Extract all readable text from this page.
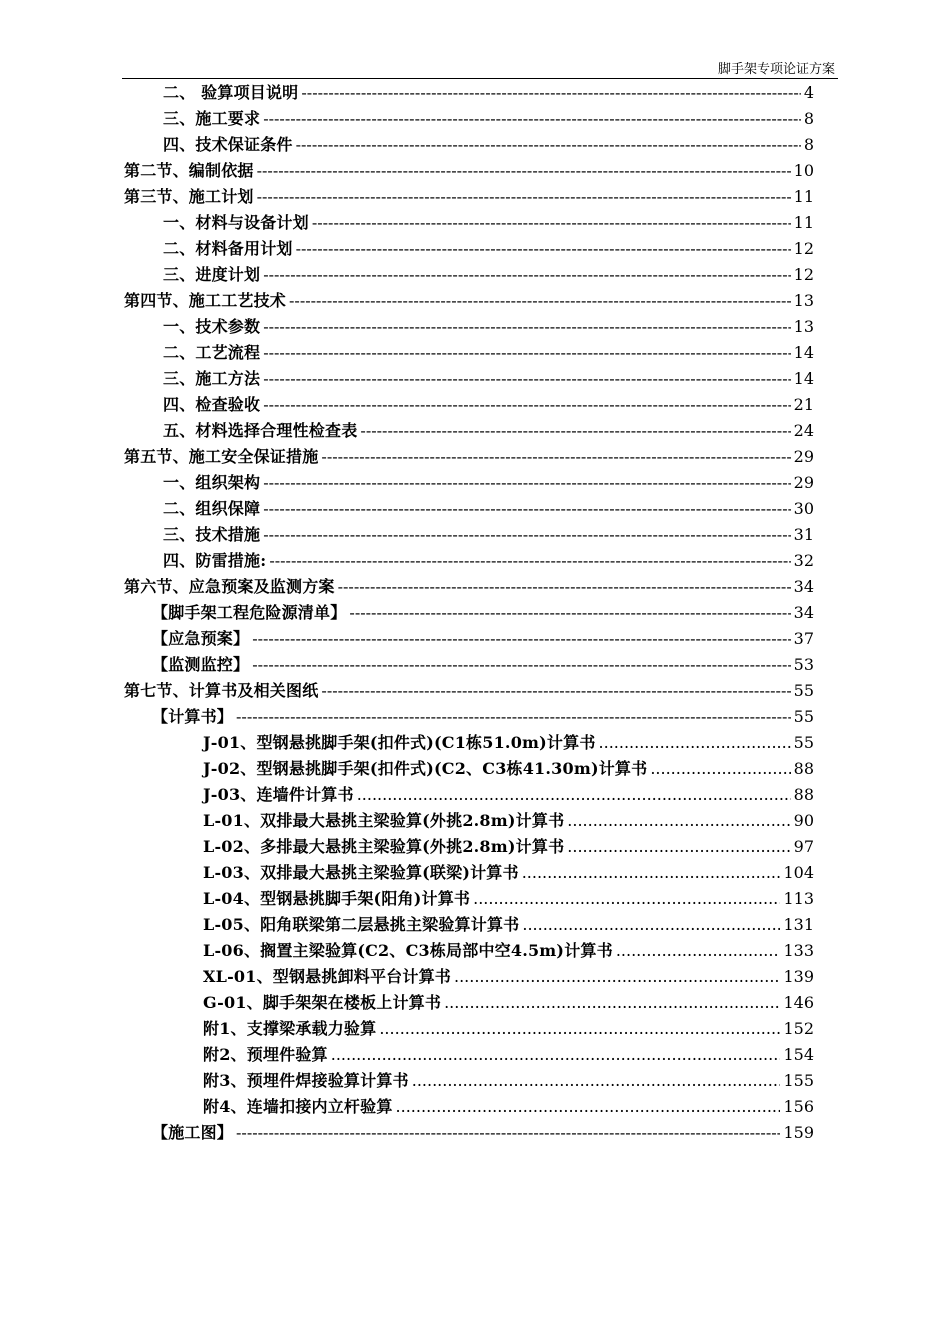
脚手架专项论证方案
二、 验算项目说明 -----	4
三、施工要求 -----	8
四、技术保证条件 -----	8
第二节、编制依据 -----	10
第三节、施工计划 -----	11
一、材料与设备计划 -----	11
二、材料备用计划 -----	12
三、进度计划 -----	12
第四节、施工工艺技术 -----	13
一、技术参数 -----	13
二、工艺流程 -----	14
三、施工方法 -----	14
四、检查验收 -----	21
五、材料选择合理性检查表 -----	24
第五节、施工安全保证措施 -----	29
一、组织架构 -----	29
二、组织保障 -----	30
三、技术措施 -----	31
四、防雷措施: -----	32
第六节、应急预案及监测方案 -----	34
【脚手架工程危险源清单】 -----	34
【应急预案】 -----	37
【监测监控】 -----	53
第七节、计算书及相关图纸 -----	55
【计算书】 -----	55
J-01、型钢悬挑脚手架(扣件式)(C1栋51.0m)计算书 .....	55
J-02、型钢悬挑脚手架(扣件式)(C2、C3栋41.30m)计算书 .....	88
J-03、连墙件计算书 .....	88
L-01、双排最大悬挑主梁验算(外挑2.8m)计算书 .....	90
L-02、多排最大悬挑主梁验算(外挑2.8m)计算书 .....	97
L-03、双排最大悬挑主梁验算(联梁)计算书 .....	104
L-04、型钢悬挑脚手架(阳角)计算书 .....	113
L-05、阳角联梁第二层悬挑主梁验算计算书 .....	131
L-06、搁置主梁验算(C2、C3栋局部中空4.5m)计算书 .....	133
XL-01、型钢悬挑卸料平台计算书 .....	139
G-01、脚手架架在楼板上计算书 .....	146
附1、支撑梁承载力验算 .....	152
附2、预埋件验算 .....	154
附3、预埋件焊接验算计算书 .....	155
附4、连墙扣接内立杆验算 .....	156
【施工图】 -----	159
